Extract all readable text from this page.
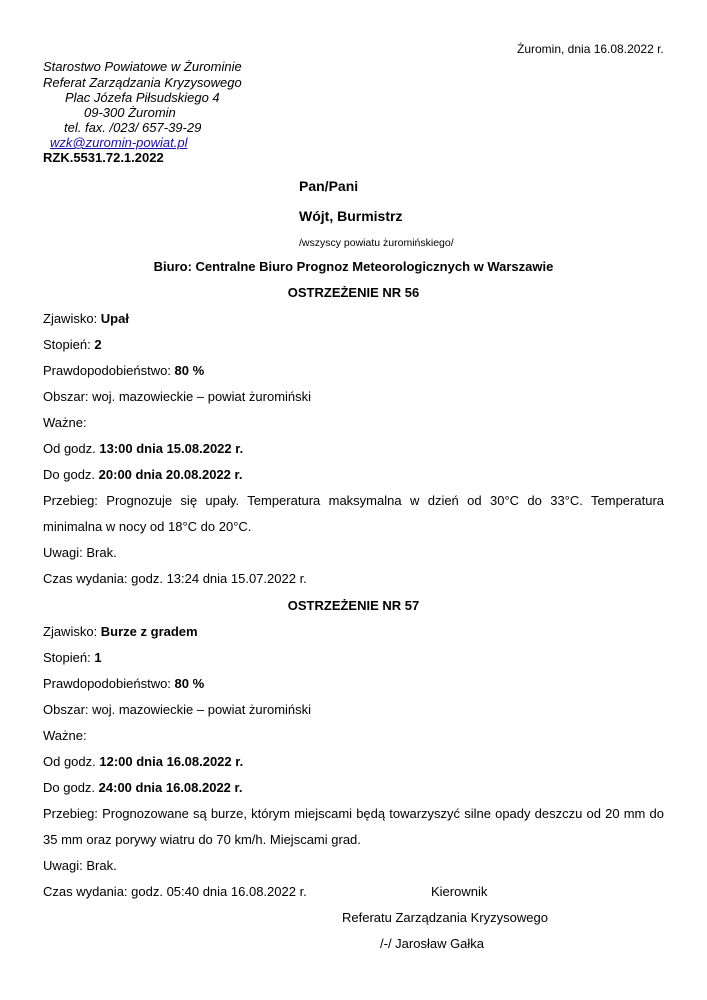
Żuromin, dnia 16.08.2022 r.
Starostwo Powiatowe w Żurominie
Referat Zarządzania Kryzysowego
Plac Józefa Piłsudskiego 4
09-300 Żuromin
tel. fax. /023/ 657-39-29
wzk@zuromin-powiat.pl
RZK.5531.72.1.2022
Pan/Pani
Wójt, Burmistrz
/wszyscy powiatu żuromińskiego/
Biuro: Centralne Biuro Prognoz Meteorologicznych w Warszawie
OSTRZEŻENIE NR 56
Zjawisko: Upał
Stopień: 2
Prawdopodobieństwo: 80 %
Obszar: woj. mazowieckie – powiat żuromiński
Ważne:
Od godz. 13:00 dnia 15.08.2022 r.
Do godz. 20:00 dnia 20.08.2022 r.
Przebieg: Prognozuje się upały. Temperatura maksymalna w dzień od 30°C do 33°C. Temperatura
minimalna w nocy od 18°C do 20°C.
Uwagi: Brak.
Czas wydania: godz. 13:24 dnia 15.07.2022 r.
OSTRZEŻENIE NR 57
Zjawisko: Burze z gradem
Stopień: 1
Prawdopodobieństwo: 80 %
Obszar: woj. mazowieckie – powiat żuromiński
Ważne:
Od godz. 12:00 dnia 16.08.2022 r.
Do godz. 24:00 dnia 16.08.2022 r.
Przebieg: Prognozowane są burze, którym miejscami będą towarzyszyć silne opady deszczu od 20 mm do
35 mm oraz porywy wiatru do 70 km/h. Miejscami grad.
Uwagi: Brak.
Czas wydania: godz. 05:40 dnia 16.08.2022 r.	Kierownik
Referatu Zarządzania Kryzysowego
/-/ Jarosław Gałka
